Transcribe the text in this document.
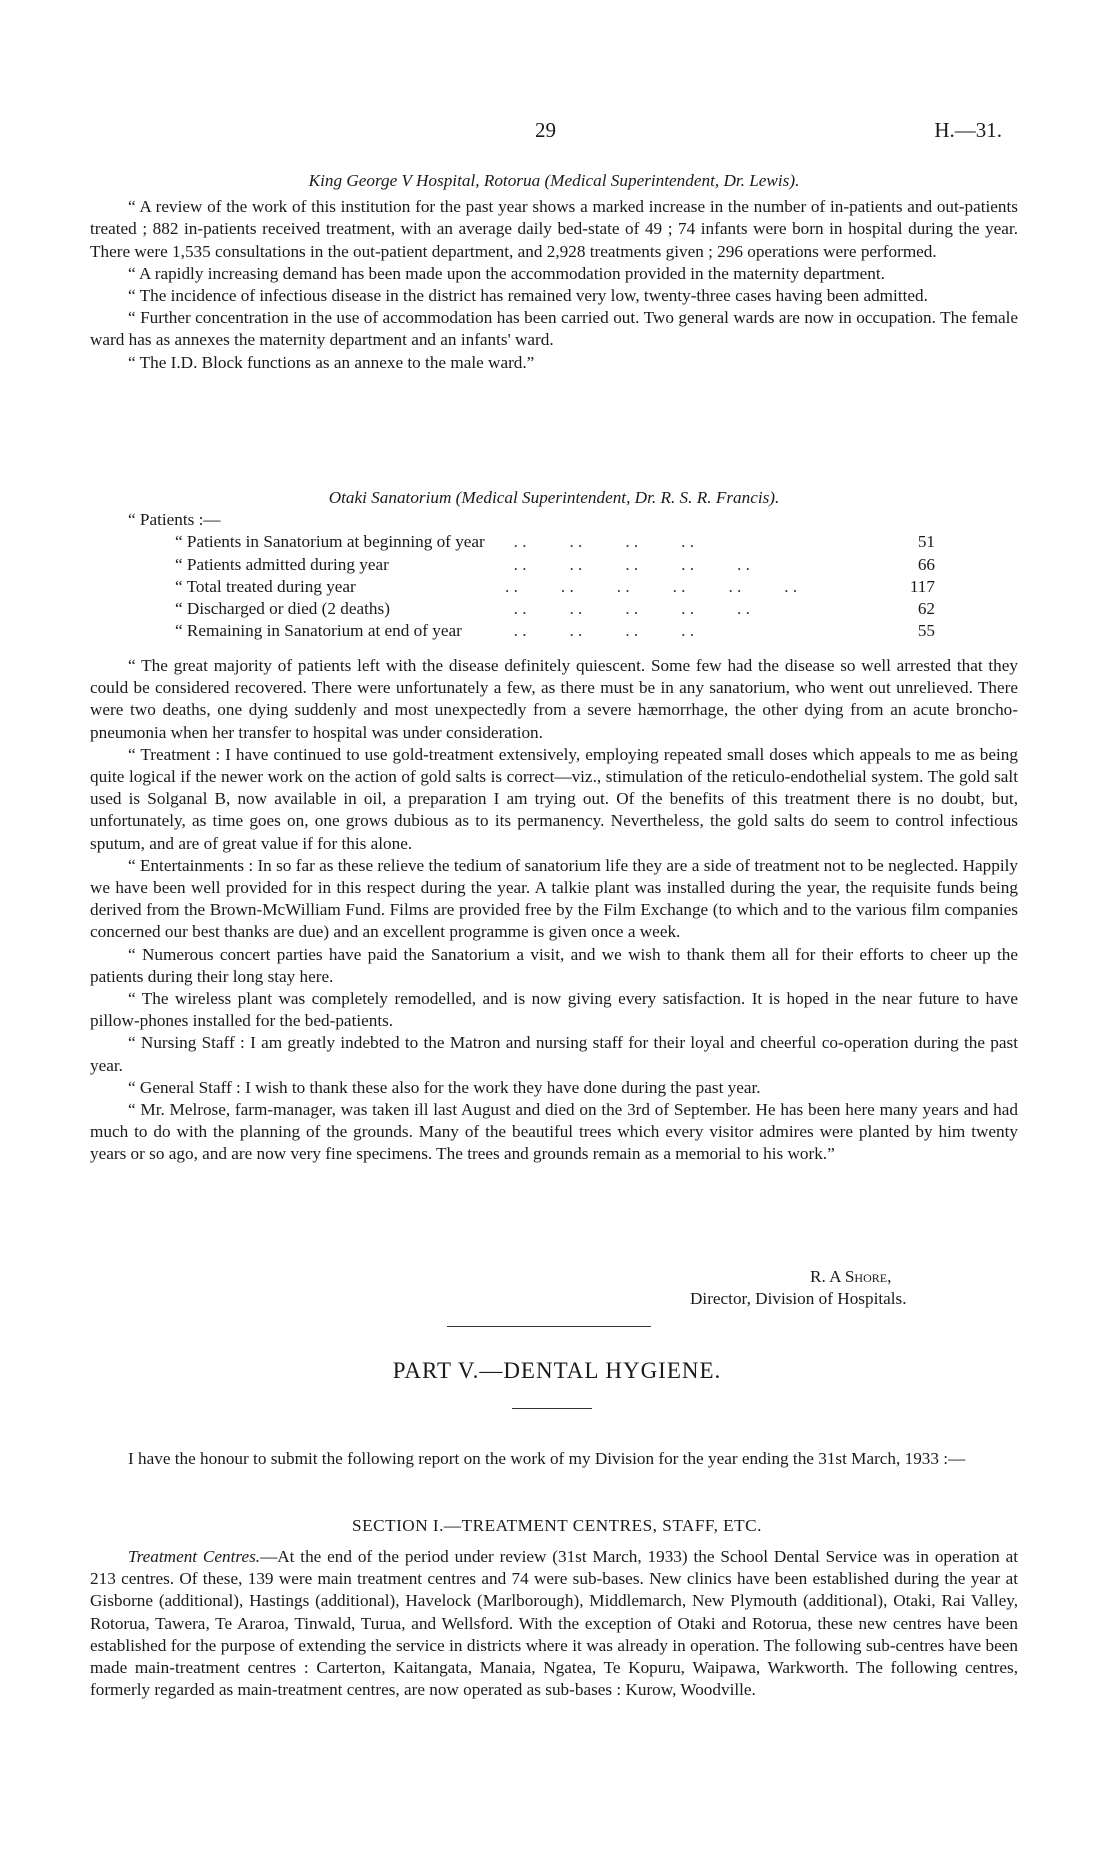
29	H.—31.

King George V Hospital, Rotorua (Medical Superintendent, Dr. Lewis).

“ A review of the work of this institution for the past year shows a marked increase in the number of in-patients and out-patients treated ; 882 in-patients received treatment, with an average daily bed-state of 49 ; 74 infants were born in hospital during the year. There were 1,535 consultations in the out-patient department, and 2,928 treatments given ; 296 operations were performed.

“ A rapidly increasing demand has been made upon the accommodation provided in the maternity department.

“ The incidence of infectious disease in the district has remained very low, twenty-three cases having been admitted.

“ Further concentration in the use of accommodation has been carried out. Two general wards are now in occupation. The female ward has as annexes the maternity department and an infants' ward.

“ The I.D. Block functions as an annexe to the male ward.”

Otaki Sanatorium (Medical Superintendent, Dr. R. S. R. Francis).

“ Patients :—

“ Patients in Sanatorium at beginning of year . .          . .          . .          . .	51
“ Patients admitted during year	. .          . .          . .          . .          . .	66
“ Total treated during year	. .          . .          . .          . .          . .          . .	117
“ Discharged or died (2 deaths)	. .          . .          . .          . .          . .	62
“ Remaining in Sanatorium at end of year	. .          . .          . .          . .	55

“ The great majority of patients left with the disease definitely quiescent. Some few had the disease so well arrested that they could be considered recovered. There were unfortunately a few, as there must be in any sanatorium, who went out unrelieved. There were two deaths, one dying suddenly and most unexpectedly from a severe hæmorrhage, the other dying from an acute broncho-pneumonia when her transfer to hospital was under consideration.

“ Treatment : I have continued to use gold-treatment extensively, employing repeated small doses which appeals to me as being quite logical if the newer work on the action of gold salts is correct—viz., stimulation of the reticulo-endothelial system. The gold salt used is Solganal B, now available in oil, a preparation I am trying out. Of the benefits of this treatment there is no doubt, but, unfortunately, as time goes on, one grows dubious as to its permanency. Nevertheless, the gold salts do seem to control infectious sputum, and are of great value if for this alone.

“ Entertainments : In so far as these relieve the tedium of sanatorium life they are a side of treatment not to be neglected. Happily we have been well provided for in this respect during the year. A talkie plant was installed during the year, the requisite funds being derived from the Brown-McWilliam Fund. Films are provided free by the Film Exchange (to which and to the various film companies concerned our best thanks are due) and an excellent programme is given once a week.

“ Numerous concert parties have paid the Sanatorium a visit, and we wish to thank them all for their efforts to cheer up the patients during their long stay here.

“ The wireless plant was completely remodelled, and is now giving every satisfaction. It is hoped in the near future to have pillow-phones installed for the bed-patients.

“ Nursing Staff : I am greatly indebted to the Matron and nursing staff for their loyal and cheerful co-operation during the past year.

“ General Staff : I wish to thank these also for the work they have done during the past year.

“ Mr. Melrose, farm-manager, was taken ill last August and died on the 3rd of September. He has been here many years and had much to do with the planning of the grounds. Many of the beautiful trees which every visitor admires were planted by him twenty years or so ago, and are now very fine specimens. The trees and grounds remain as a memorial to his work.”

R. A Shore,
Director, Division of Hospitals.
PART V.—DENTAL HYGIENE.

I have the honour to submit the following report on the work of my Division for the year ending the 31st March, 1933 :—

SECTION I.—TREATMENT CENTRES, STAFF, ETC.

Treatment Centres.—At the end of the period under review (31st March, 1933) the School Dental Service was in operation at 213 centres. Of these, 139 were main treatment centres and 74 were sub-bases. New clinics have been established during the year at Gisborne (additional), Hastings (additional), Havelock (Marlborough), Middlemarch, New Plymouth (additional), Otaki, Rai Valley, Rotorua, Tawera, Te Araroa, Tinwald, Turua, and Wellsford. With the exception of Otaki and Rotorua, these new centres have been established for the purpose of extending the service in districts where it was already in operation. The following sub-centres have been made main-treatment centres : Carterton, Kaitangata, Manaia, Ngatea, Te Kopuru, Waipawa, Warkworth. The following centres, formerly regarded as main-treatment centres, are now operated as sub-bases : Kurow, Woodville.
